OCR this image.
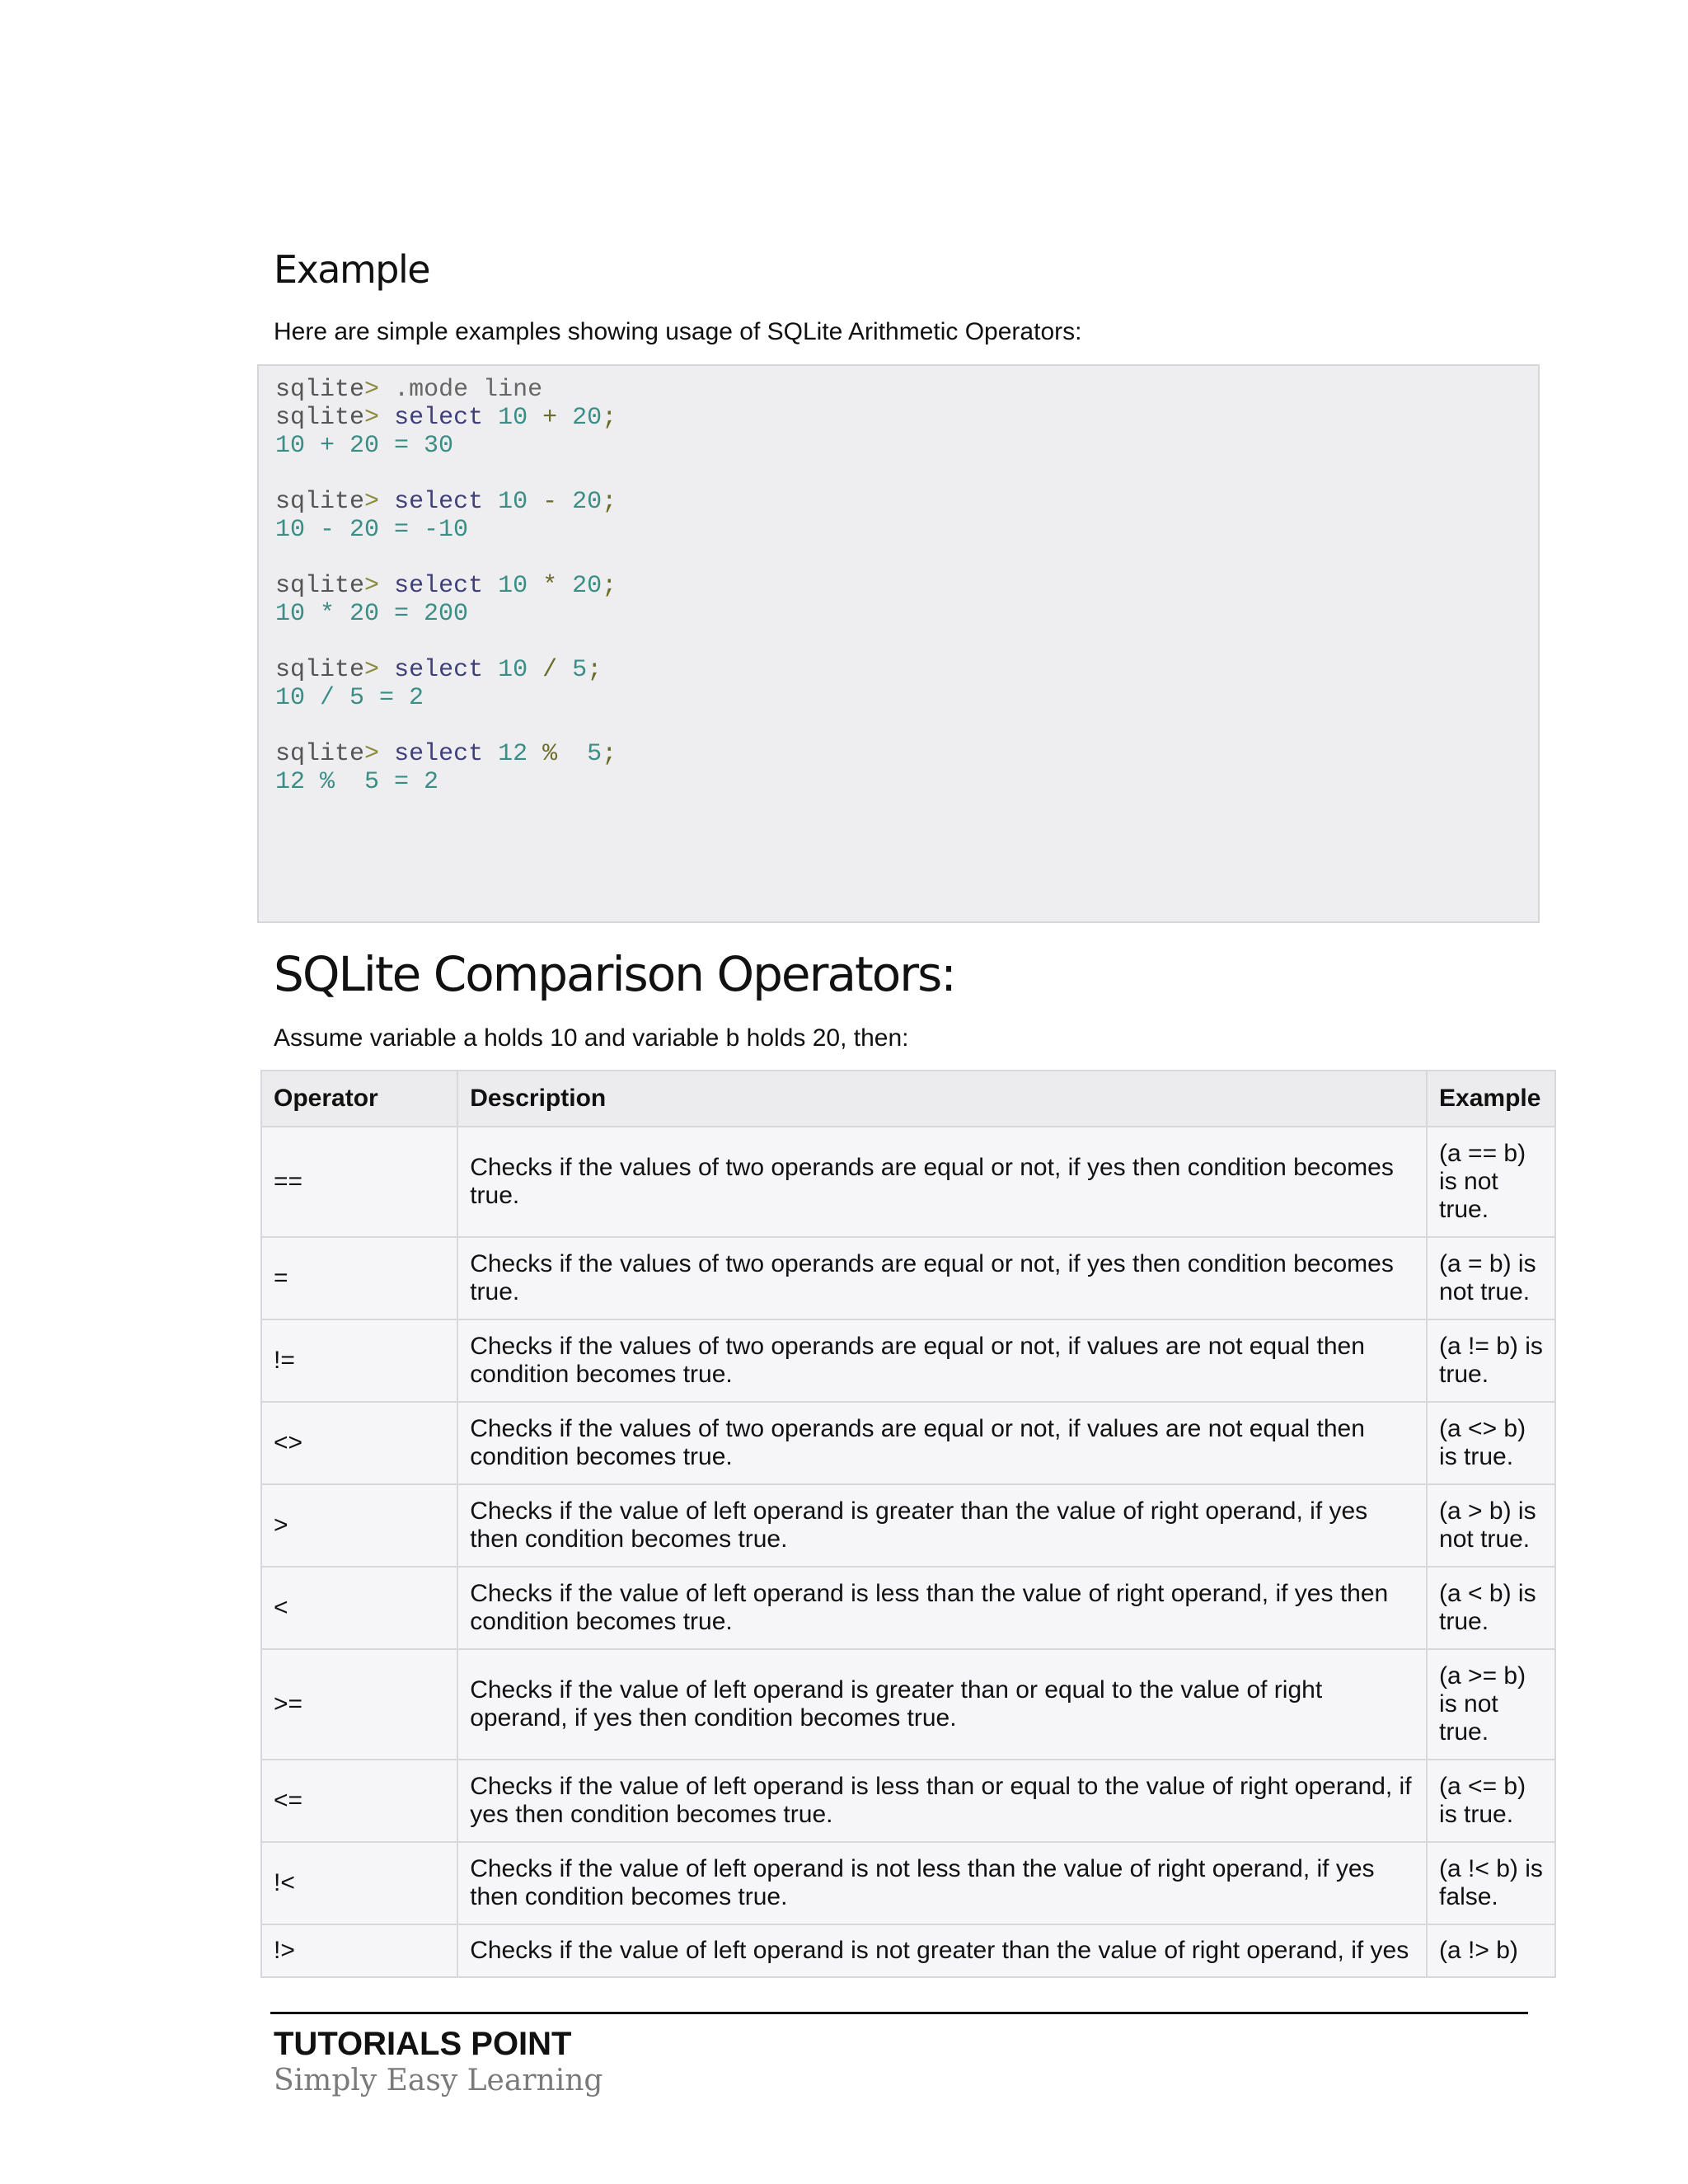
Example

Here are simple examples showing usage of SQLite Arithmetic Operators:

sqlite> .mode line
sqlite> select 10 + 20;
10 + 20 = 30
sqlite> select 10 - 20;
10 - 20 = -10
sqlite> select 10 * 20;
10 * 20 = 200
sqlite> select 10 / 5;
10 / 5 = 2
sqlite> select 12 %  5;
12 %  5 = 2
SQLite Comparison Operators:

Assume variable a holds 10 and variable b holds 20, then:

Operator	Description	Example
==	Checks if the values of two operands are equal or not, if yes then condition becomes true.	(a == b) is not true.
=	Checks if the values of two operands are equal or not, if yes then condition becomes true.	(a = b) is not true.
!=	Checks if the values of two operands are equal or not, if values are not equal then condition becomes true.	(a != b) is true.
<>	Checks if the values of two operands are equal or not, if values are not equal then condition becomes true.	(a <> b) is true.
>	Checks if the value of left operand is greater than the value of right operand, if yes then condition becomes true.	(a > b) is not true.
<	Checks if the value of left operand is less than the value of right operand, if yes then condition becomes true.	(a < b) is true.
>=	Checks if the value of left operand is greater than or equal to the value of right operand, if yes then condition becomes true.	(a >= b) is not true.
<=	Checks if the value of left operand is less than or equal to the value of right operand, if yes then condition becomes true.	(a <= b) is true.
!<	Checks if the value of left operand is not less than the value of right operand, if yes then condition becomes true.	(a !< b) is false.
!>	Checks if the value of left operand is not greater than the value of right operand, if yes	(a !> b)

TUTORIALS POINT

Simply Easy Learning
